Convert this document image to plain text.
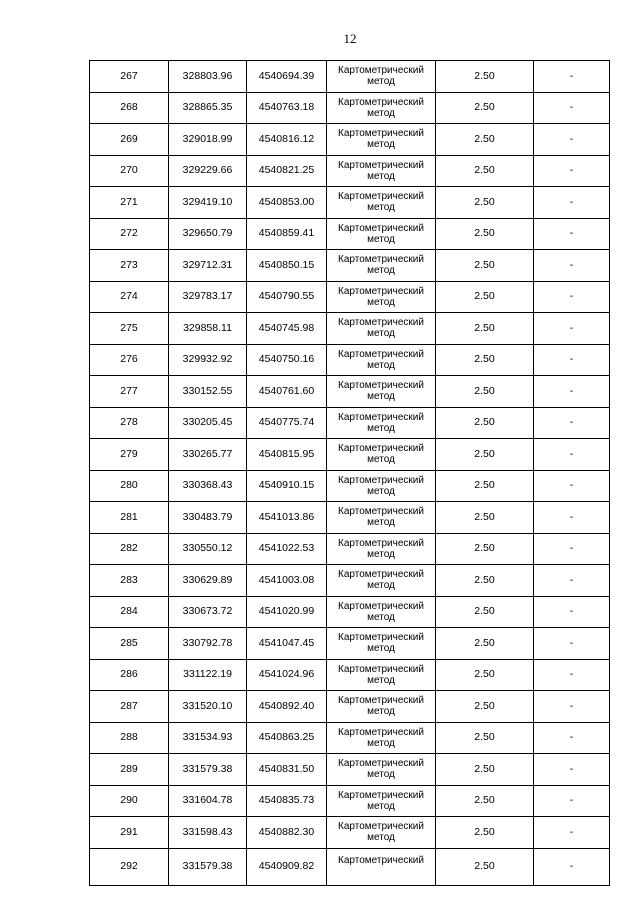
12
267	328803.96	4540694.39	Картометрический метод	2.50	-
268	328865.35	4540763.18	Картометрический метод	2.50	-
269	329018.99	4540816.12	Картометрический метод	2.50	-
270	329229.66	4540821.25	Картометрический метод	2.50	-
271	329419.10	4540853.00	Картометрический метод	2.50	-
272	329650.79	4540859.41	Картометрический метод	2.50	-
273	329712.31	4540850.15	Картометрический метод	2.50	-
274	329783.17	4540790.55	Картометрический метод	2.50	-
275	329858.11	4540745.98	Картометрический метод	2.50	-
276	329932.92	4540750.16	Картометрический метод	2.50	-
277	330152.55	4540761.60	Картометрический метод	2.50	-
278	330205.45	4540775.74	Картометрический метод	2.50	-
279	330265.77	4540815.95	Картометрический метод	2.50	-
280	330368.43	4540910.15	Картометрический метод	2.50	-
281	330483.79	4541013.86	Картометрический метод	2.50	-
282	330550.12	4541022.53	Картометрический метод	2.50	-
283	330629.89	4541003.08	Картометрический метод	2.50	-
284	330673.72	4541020.99	Картометрический метод	2.50	-
285	330792.78	4541047.45	Картометрический метод	2.50	-
286	331122.19	4541024.96	Картометрический метод	2.50	-
287	331520.10	4540892.40	Картометрический метод	2.50	-
288	331534.93	4540863.25	Картометрический метод	2.50	-
289	331579.38	4540831.50	Картометрический метод	2.50	-
290	331604.78	4540835.73	Картометрический метод	2.50	-
291	331598.43	4540882.30	Картометрический метод	2.50	-
292	331579.38	4540909.82	Картометрический	2.50	-
